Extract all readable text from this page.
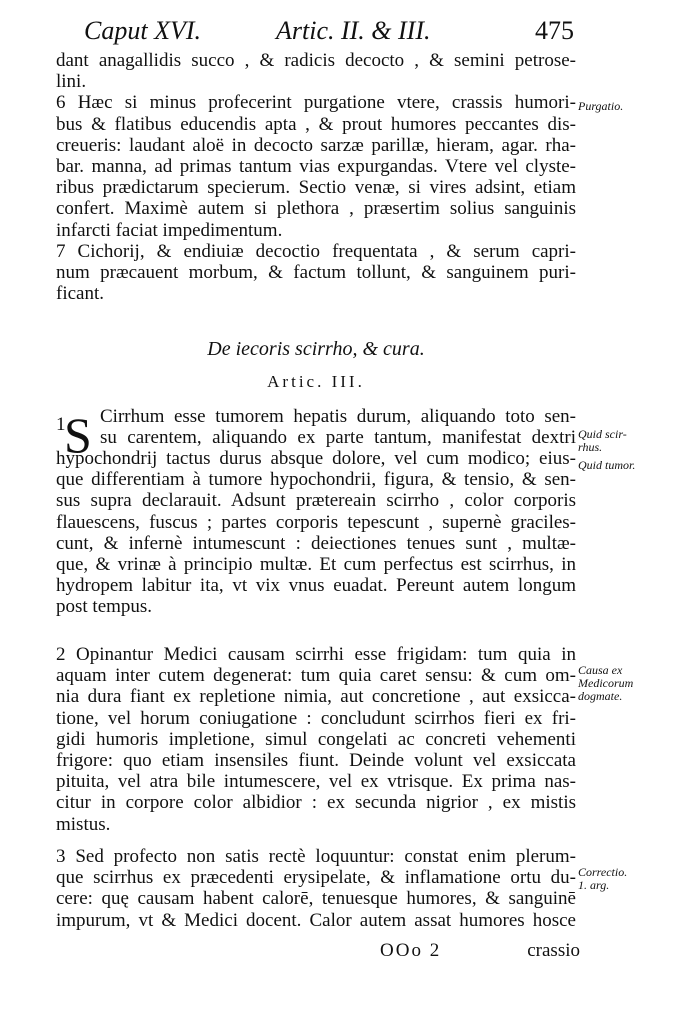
Caput XVI.	Artic. II. & III.	475
dant anagallidis succo , & radicis decocto , & semini petrose-
lini.
6 Hæc si minus profecerint purgatione vtere, crassis humori-
bus & flatibus educendis apta , & prout humores peccantes dis-
creueris: laudant aloë in decocto sarzæ parillæ, hieram, agar. rha-
bar. manna, ad primas tantum vias expurgandas. Vtere vel clyste-
ribus prædictarum specierum. Sectio venæ, si vires adsint, etiam
confert. Maximè autem si plethora , præsertim solius sanguinis
infarcti faciat impedimentum.
7 Cichorij, & endiuiæ decoctio frequentata , & serum capri-
num præcauent morbum, & factum tollunt, & sanguinem puri-
ficant.
De iecoris scirrho, & cura.
Artic. III.
1
S Cirrhum esse tumorem hepatis durum, aliquando toto sen-
su carentem, aliquando ex parte tantum, manifestat dextri
hypochondrij tactus durus absque dolore, vel cum modico; eius-
que differentiam à tumore hypochondrii, figura, & tensio, & sen-
sus supra declarauit. Adsunt prætereain scirrho , color corporis
flauescens, fuscus ; partes corporis tepescunt , supernè graciles-
cunt, & infernè intumescunt : deiectiones tenues sunt , multæ-
que, & vrinæ à principio multæ. Et cum perfectus est scirrhus, in
hydropem labitur ita, vt vix vnus euadat. Pereunt autem longum
post tempus.
2 Opinantur Medici causam scirrhi esse frigidam: tum quia in
aquam inter cutem degenerat: tum quia caret sensu: & cum om-
nia dura fiant ex repletione nimia, aut concretione , aut exsicca-
tione, vel horum coniugatione : concludunt scirrhos fieri ex fri-
gidi humoris impletione, simul congelati ac concreti vehementi
frigore: quo etiam insensiles fiunt. Deinde volunt vel exsiccata
pituita, vel atra bile intumescere, vel ex vtrisque. Ex prima nas-
citur in corpore color albidior : ex secunda nigrior , ex mistis
mistus.
3 Sed profecto non satis rectè loquuntur: constat enim plerum-
que scirrhus ex præcedenti erysipelate, & inflamatione ortu du-
cere: quę causam habent calorē, tenuesque humores, & sanguinē
impurum, vt & Medici docent. Calor autem assat humores hosce
Purgatio.
Quid scir-
rhus.
Quid tumor.
Causa ex
Medicorum
dogmate.
Correctio.
1. arg.
OOo 2	crassio
